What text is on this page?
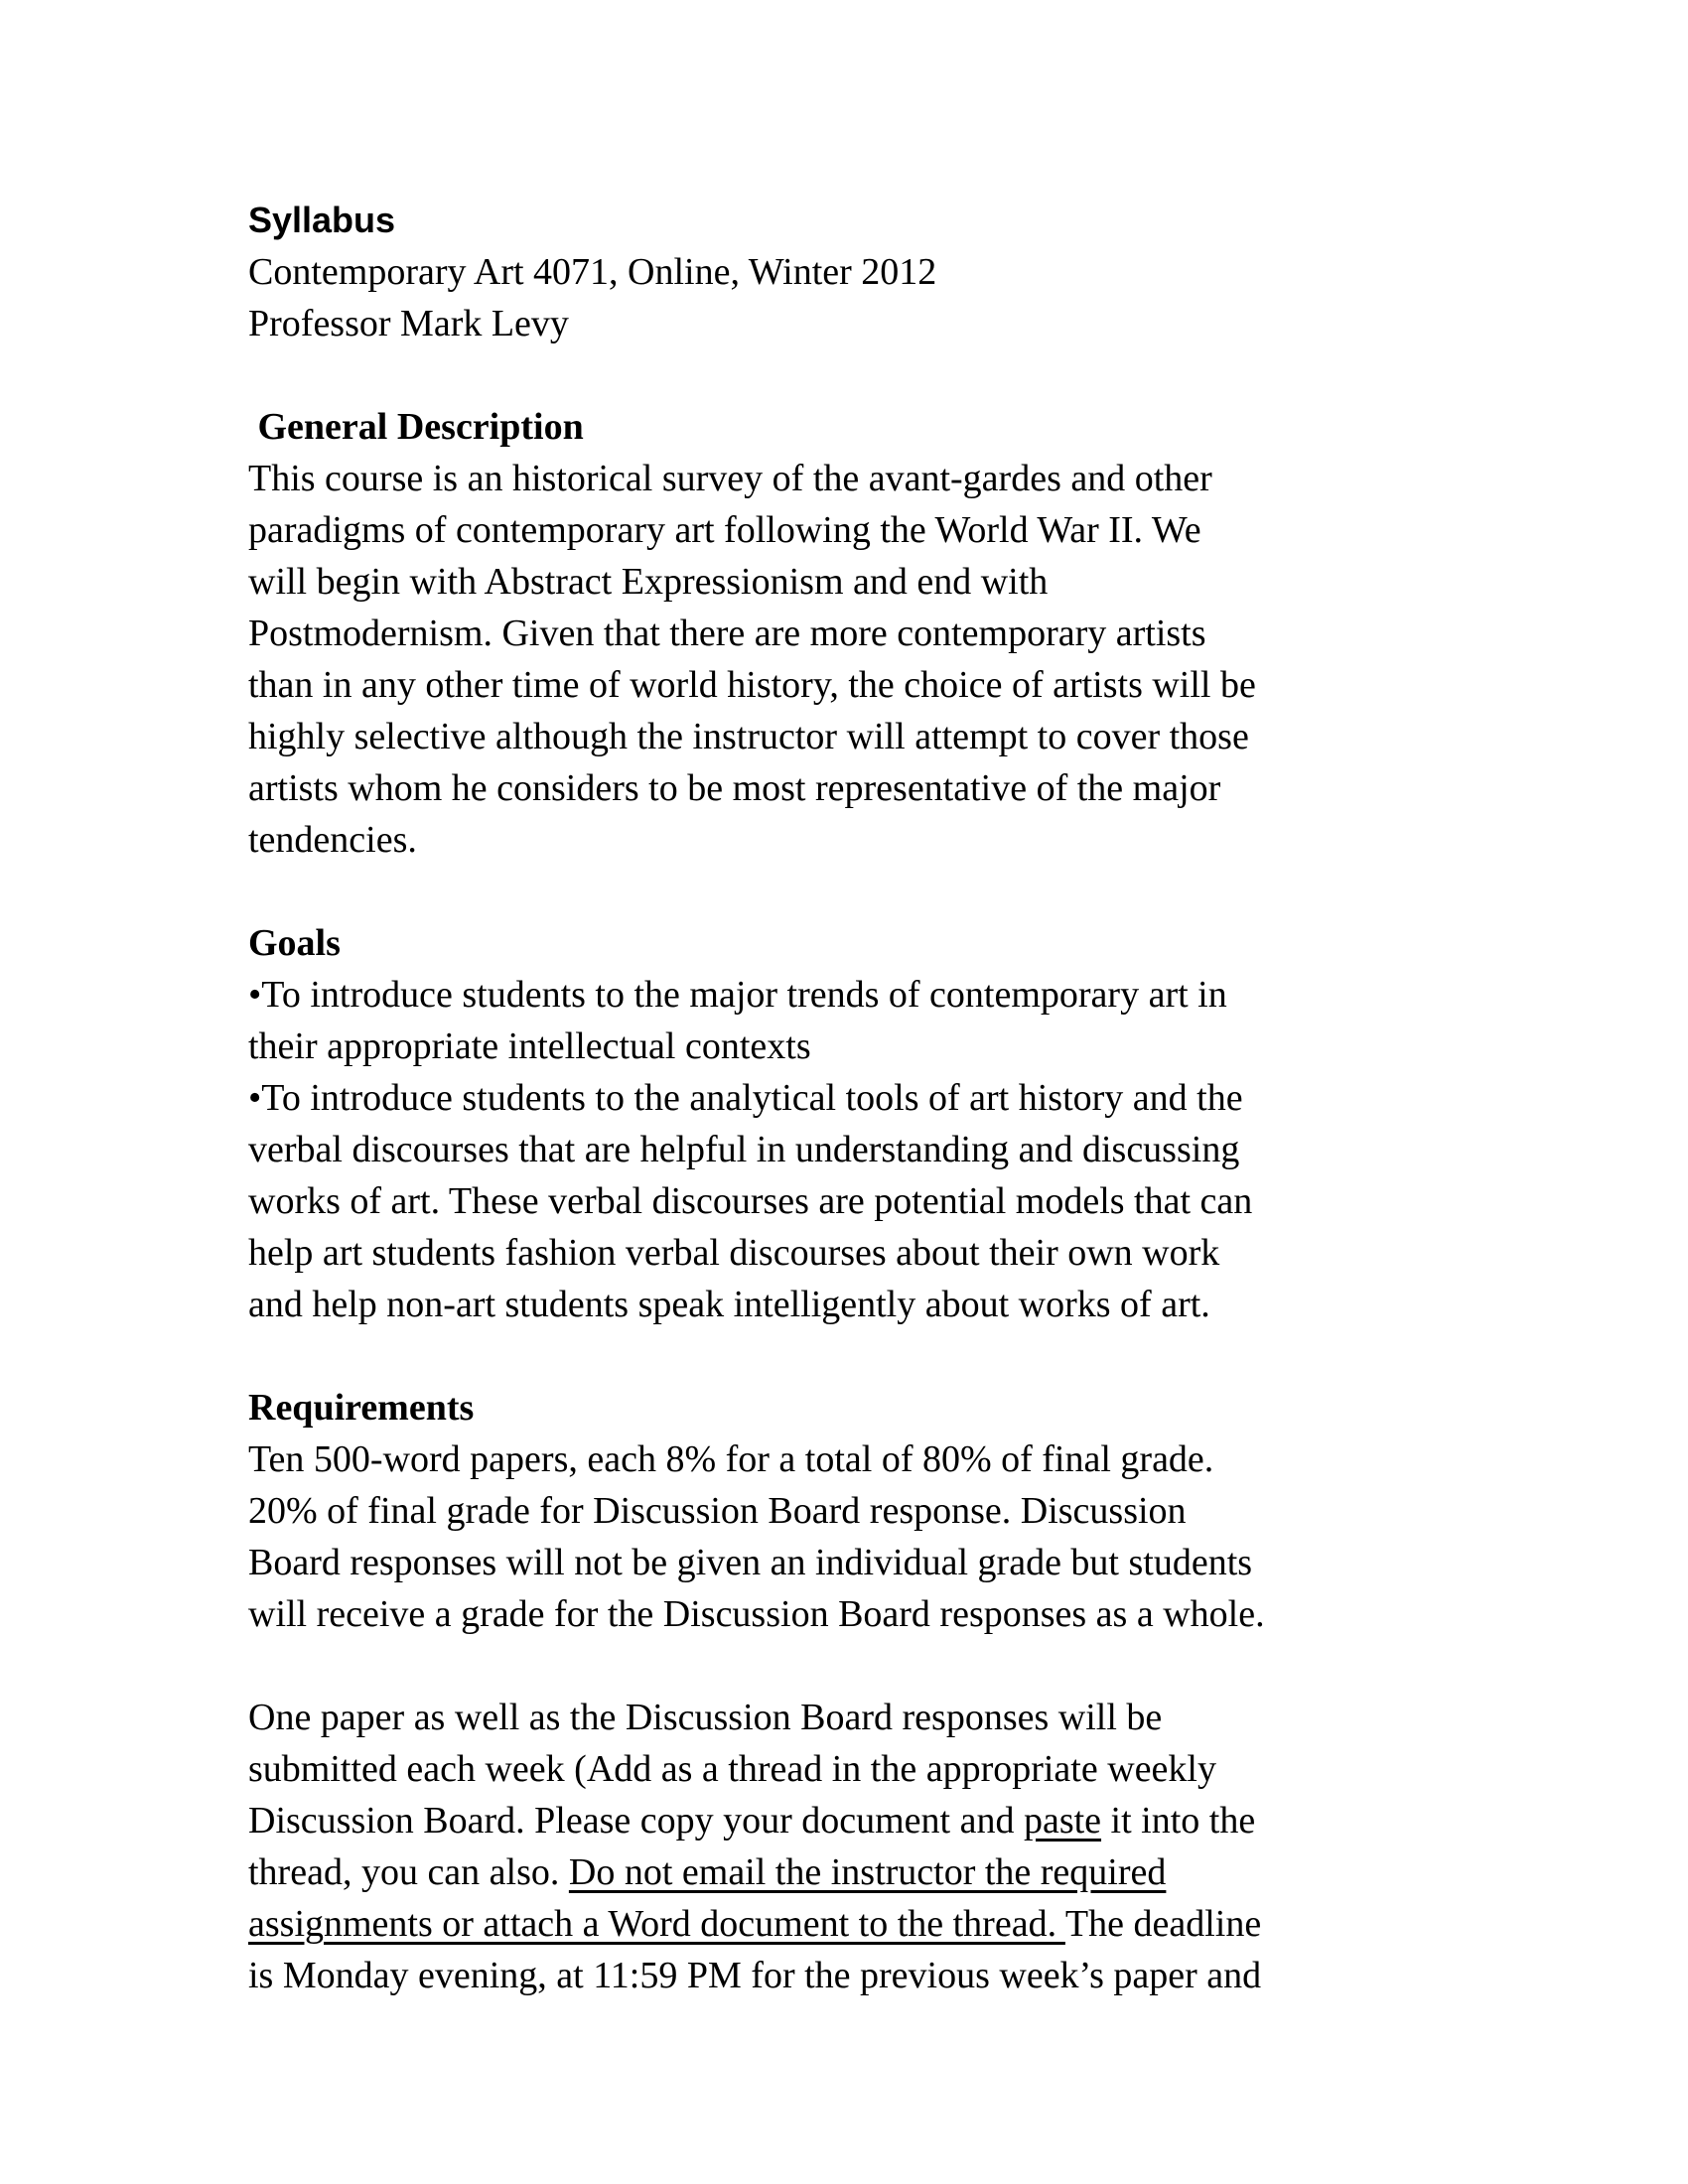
Syllabus
Contemporary Art 4071, Online, Winter 2012
Professor Mark Levy
General Description
This course is an historical survey of the avant-gardes and other
paradigms of contemporary art following the World War II. We
will begin with Abstract Expressionism and end with
Postmodernism. Given that there are more contemporary artists
than in any other time of world history, the choice of artists will be
highly selective although the instructor will attempt to cover those
artists whom he considers to be most representative of the major
tendencies.
Goals
•To introduce students to the major trends of contemporary art in
their appropriate intellectual contexts
•To introduce students to the analytical tools of art history and the
verbal discourses that are helpful in understanding and discussing
works of art. These verbal discourses are potential models that can
help art students fashion verbal discourses about their own work
and help non-art students speak intelligently about works of art.
Requirements
Ten 500-word papers, each 8% for a total of 80% of final grade.
20% of final grade for Discussion Board response. Discussion
Board responses will not be given an individual grade but students
will receive a grade for the Discussion Board responses as a whole.
One paper as well as the Discussion Board responses will be
submitted each week (Add as a thread in the appropriate weekly
Discussion Board. Please copy your document and paste it into the
thread, you can also. Do not email the instructor the required
assignments or attach a Word document to the thread. The deadline
is Monday evening, at 11:59 PM for the previous week’s paper and
